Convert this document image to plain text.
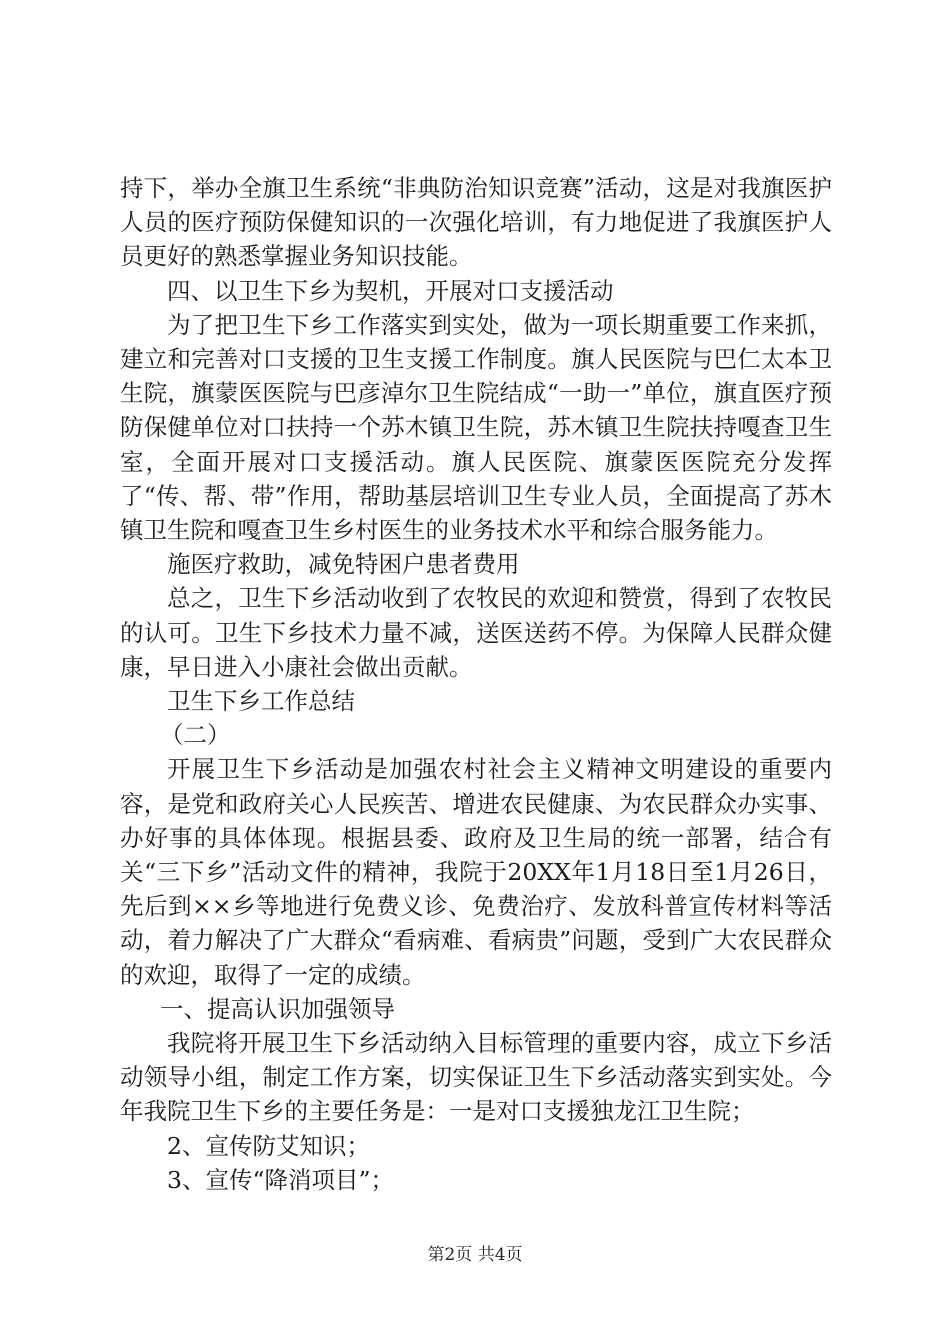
持下，举办全旗卫生系统“非典防治知识竞赛”活动，这是对我旗医护人员的医疗预防保健知识的一次强化培训，有力地促进了我旗医护人员更好的熟悉掌握业务知识技能。

四、以卫生下乡为契机，开展对口支援活动

为了把卫生下乡工作落实到实处，做为一项长期重要工作来抓，建立和完善对口支援的卫生支援工作制度。旗人民医院与巴仁太本卫生院，旗蒙医医院与巴彦淖尔卫生院结成“一助一”单位，旗直医疗预防保健单位对口扶持一个苏木镇卫生院，苏木镇卫生院扶持嘎查卫生室，全面开展对口支援活动。旗人民医院、旗蒙医医院充分发挥了“传、帮、带”作用，帮助基层培训卫生专业人员，全面提高了苏木镇卫生院和嘎查卫生乡村医生的业务技术水平和综合服务能力。

施医疗救助，减免特困户患者费用

总之，卫生下乡活动收到了农牧民的欢迎和赞赏，得到了农牧民的认可。卫生下乡技术力量不减，送医送药不停。为保障人民群众健康，早日进入小康社会做出贡献。

卫生下乡工作总结

（二）

开展卫生下乡活动是加强农村社会主义精神文明建设的重要内容，是党和政府关心人民疾苦、增进农民健康、为农民群众办实事、办好事的具体体现。根据县委、政府及卫生局的统一部署，结合有关“三下乡”活动文件的精神，我院于20XX年1月18日至1月26日，先后到××乡等地进行免费义诊、免费治疗、发放科普宣传材料等活动，着力解决了广大群众“看病难、看病贵”问题，受到广大农民群众的欢迎，取得了一定的成绩。

一、提高认识加强领导

我院将开展卫生下乡活动纳入目标管理的重要内容，成立下乡活动领导小组，制定工作方案，切实保证卫生下乡活动落实到实处。今年我院卫生下乡的主要任务是：一是对口支援独龙江卫生院；

2、宣传防艾知识；

3、宣传“降消项目”；

第2页 共4页
